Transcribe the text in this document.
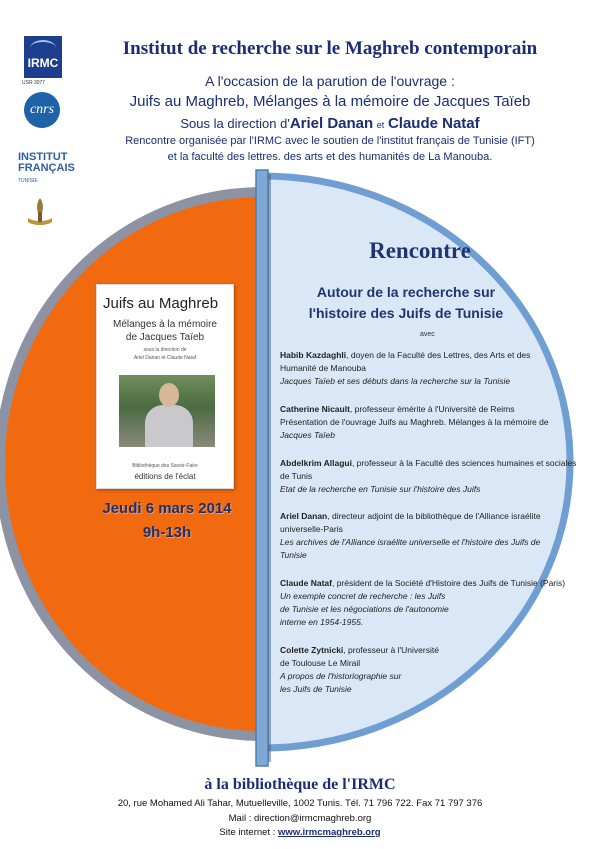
IRMC
USR 3077
cnrs
INSTITUT
FRANÇAIS
TUNISIE
Institut de recherche sur le Maghreb contemporain
A l'occasion de la parution de l'ouvrage :
Juifs au Maghreb, Mélanges à la mémoire de Jacques Taïeb
Sous la direction d'Ariel Danan et Claude Nataf
Rencontre organisée par l'IRMC avec le soutien de l'institut français de Tunisie (IFT)
et la faculté des lettres. des arts et des humanités de La Manouba.
Juifs au Maghreb
Mélanges à la mémoire
de Jacques Taïeb
sous la direction de
Ariel Danan et Claude Nataf
Bibliothèque des Savoir-Faire
éditions de l'éclat
Jeudi 6 mars 2014
9h-13h
Rencontre
Autour de la recherche sur
l'histoire des Juifs de Tunisie
avec
Habib Kazdaghli, doyen de la Faculté des Lettres, des Arts et des
Humanité de Manouba
Jacques Taïeb et ses débuts dans la recherche sur la Tunisie
Catherine Nicault, professeur émérite à l'Université de Reims
Présentation de l'ouvrage Juifs au Maghreb. Mélanges à la mémoire de
Jacques Taïeb
Abdelkrim Allagui, professeur à la Faculté des sciences humaines et sociales
de Tunis
Etat de la recherche en Tunisie sur l'histoire des Juifs
Ariel Danan, directeur adjoint de la bibliothèque de l'Alliance israélite
universelle-Paris
Les archives de l'Alliance israélite universelle et l'histoire des Juifs de
Tunisie
Claude Nataf, président de la Société d'Histoire des Juifs de Tunisie (Paris)
Un exemple concret de recherche : les Juifs
de Tunisie et les négociations de l'autonomie
interne en 1954-1955.
Colette Zytnicki, professeur à l'Université
de Toulouse Le Mirail
A propos de l'historiographie sur
les Juifs de Tunisie
à la bibliothèque de l'IRMC
20, rue Mohamed Ali Tahar, Mutuelleville, 1002 Tunis. Tél. 71 796 722. Fax 71 797 376
Mail : direction@irmcmaghreb.org
Site internet : www.irmcmaghreb.org
